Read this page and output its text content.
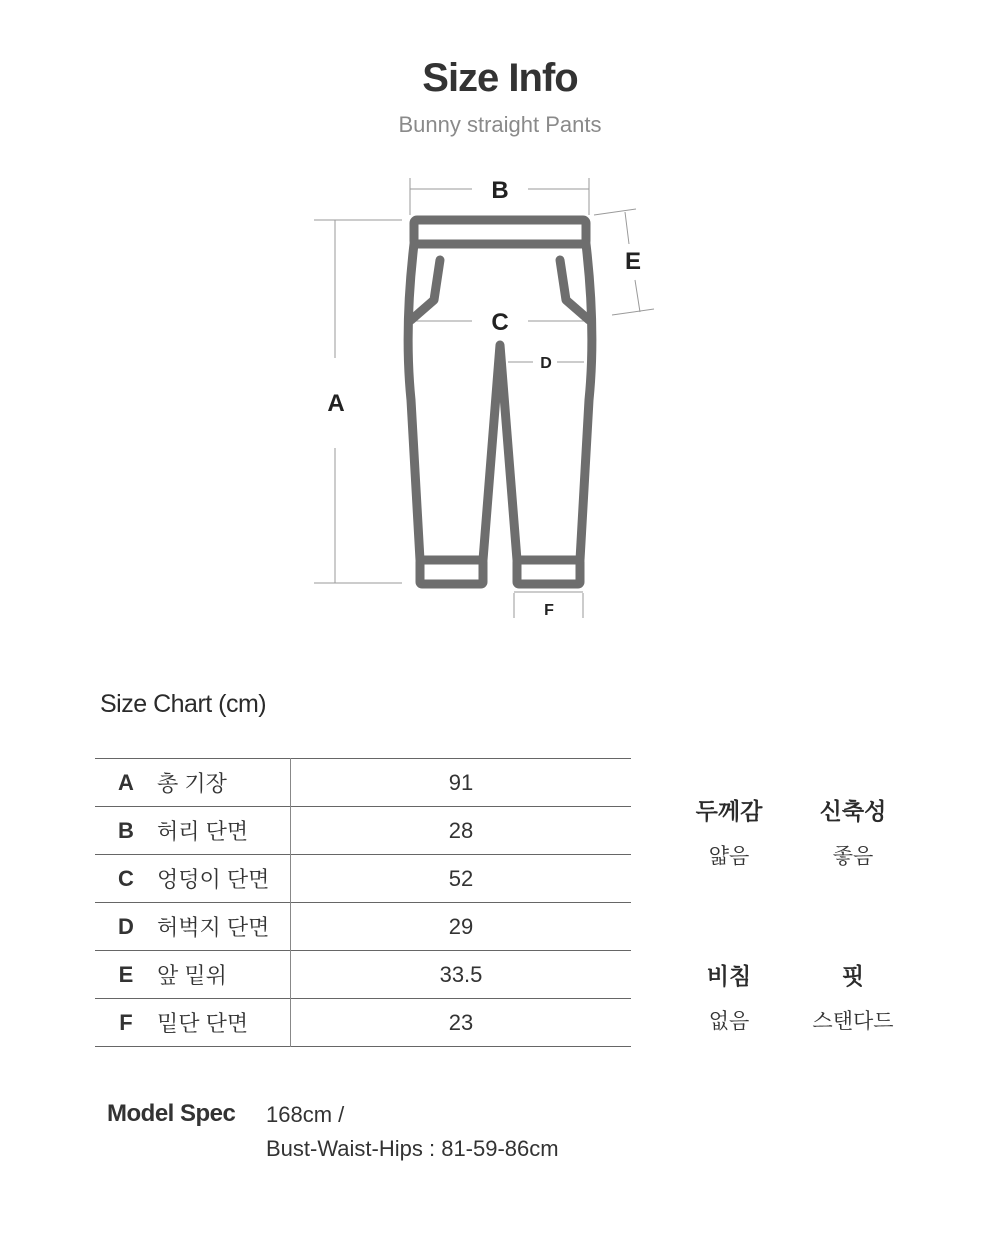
Size Info
Bunny straight Pants
B
A
C
D
E
F
Size Chart (cm)
A	총 기장	91
B	허리 단면	28
C	엉덩이 단면	52
D	허벅지 단면	29
E	앞 밑위	33.5
F	밑단 단면	23
두께감
얇음
신축성
좋음
비침
없음
핏
스탠다드
Model Spec 168cm /
Bust-Waist-Hips : 81-59-86cm
